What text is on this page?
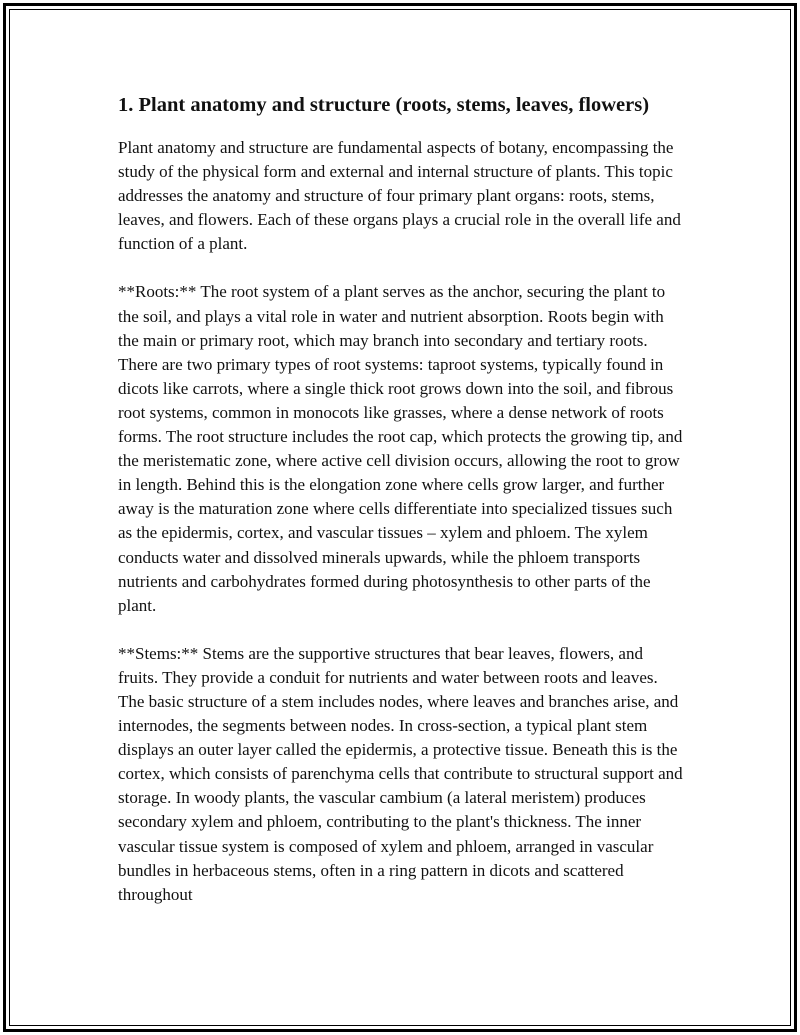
1. Plant anatomy and structure (roots, stems, leaves, flowers)

Plant anatomy and structure are fundamental aspects of botany, encompassing the study of the physical form and external and internal structure of plants. This topic addresses the anatomy and structure of four primary plant organs: roots, stems, leaves, and flowers. Each of these organs plays a crucial role in the overall life and function of a plant.

**Roots:** The root system of a plant serves as the anchor, securing the plant to the soil, and plays a vital role in water and nutrient absorption. Roots begin with the main or primary root, which may branch into secondary and tertiary roots. There are two primary types of root systems: taproot systems, typically found in dicots like carrots, where a single thick root grows down into the soil, and fibrous root systems, common in monocots like grasses, where a dense network of roots forms. The root structure includes the root cap, which protects the growing tip, and the meristematic zone, where active cell division occurs, allowing the root to grow in length. Behind this is the elongation zone where cells grow larger, and further away is the maturation zone where cells differentiate into specialized tissues such as the epidermis, cortex, and vascular tissues – xylem and phloem. The xylem conducts water and dissolved minerals upwards, while the phloem transports nutrients and carbohydrates formed during photosynthesis to other parts of the plant.

**Stems:** Stems are the supportive structures that bear leaves, flowers, and fruits. They provide a conduit for nutrients and water between roots and leaves. The basic structure of a stem includes nodes, where leaves and branches arise, and internodes, the segments between nodes. In cross-section, a typical plant stem displays an outer layer called the epidermis, a protective tissue. Beneath this is the cortex, which consists of parenchyma cells that contribute to structural support and storage. In woody plants, the vascular cambium (a lateral meristem) produces secondary xylem and phloem, contributing to the plant's thickness. The inner vascular tissue system is composed of xylem and phloem, arranged in vascular bundles in herbaceous stems, often in a ring pattern in dicots and scattered throughout
